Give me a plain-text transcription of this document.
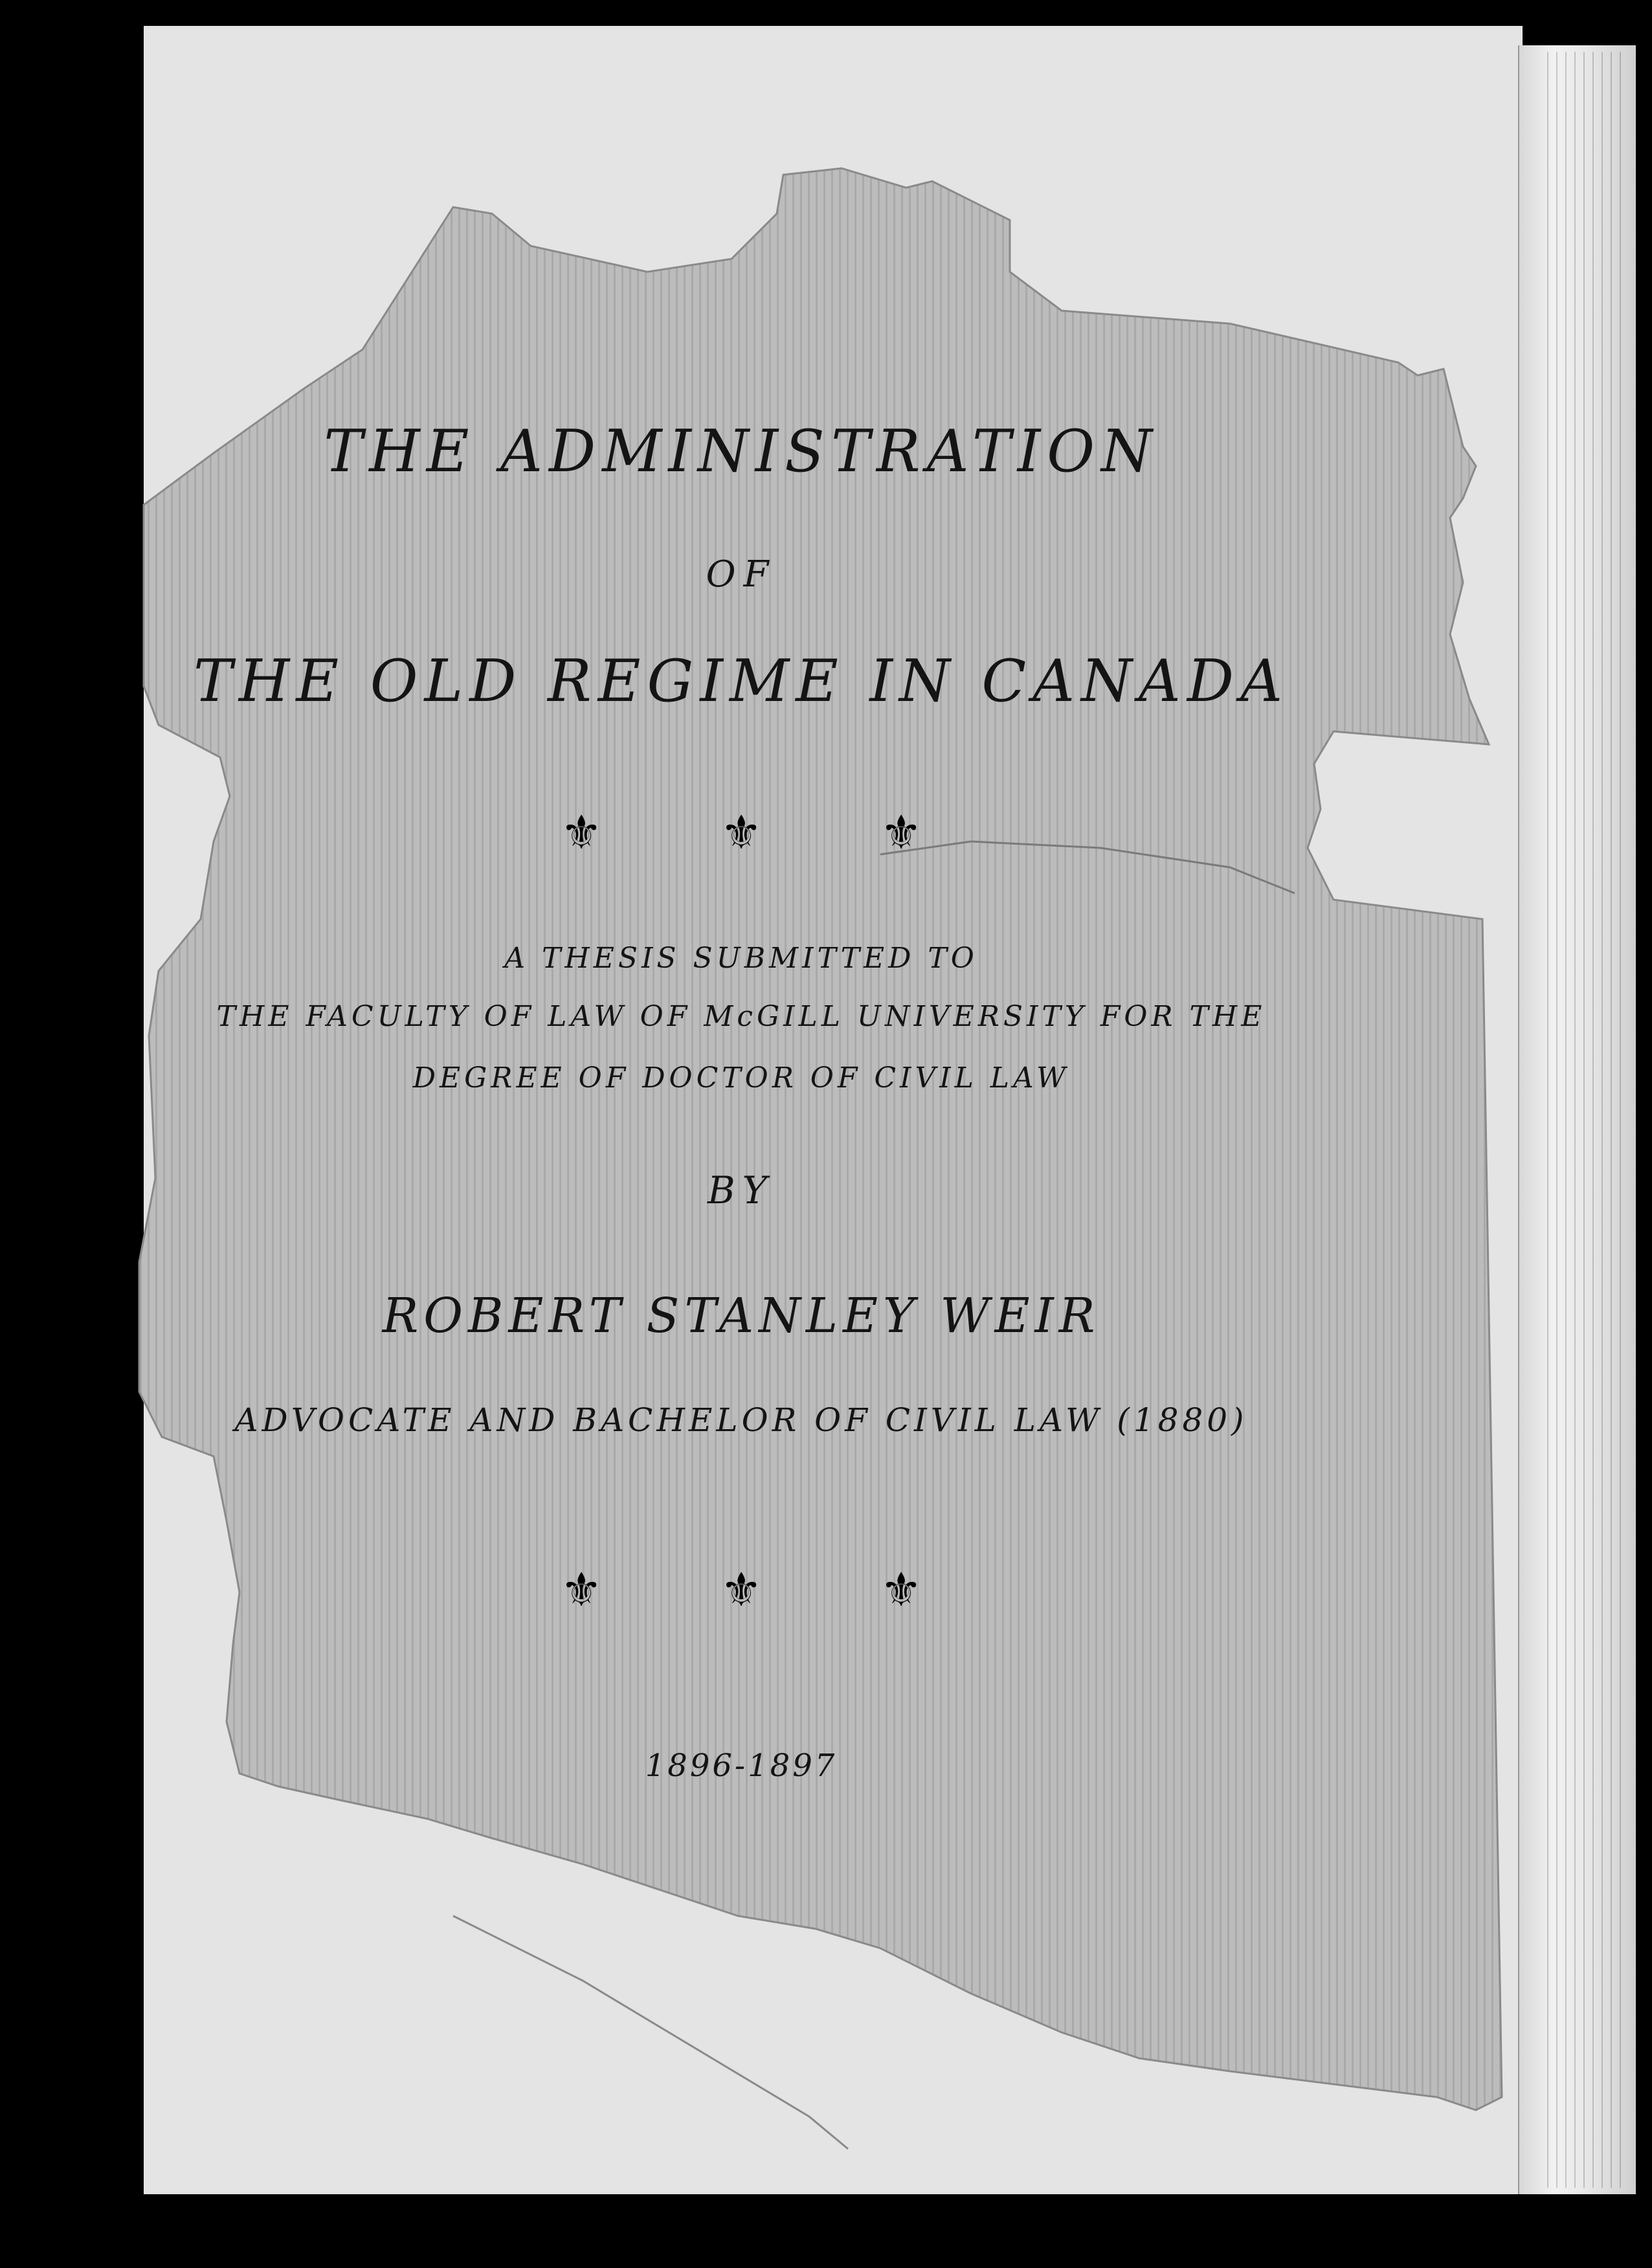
THE ADMINISTRATION
OF
THE OLD REGIME IN CANADA
⚜	⚜	⚜
A THESIS SUBMITTED TO
THE FACULTY OF LAW OF McGILL UNIVERSITY FOR THE
DEGREE OF DOCTOR OF CIVIL LAW
BY
ROBERT STANLEY WEIR
ADVOCATE AND BACHELOR OF CIVIL LAW (1880)
⚜	⚜	⚜
1896-1897
